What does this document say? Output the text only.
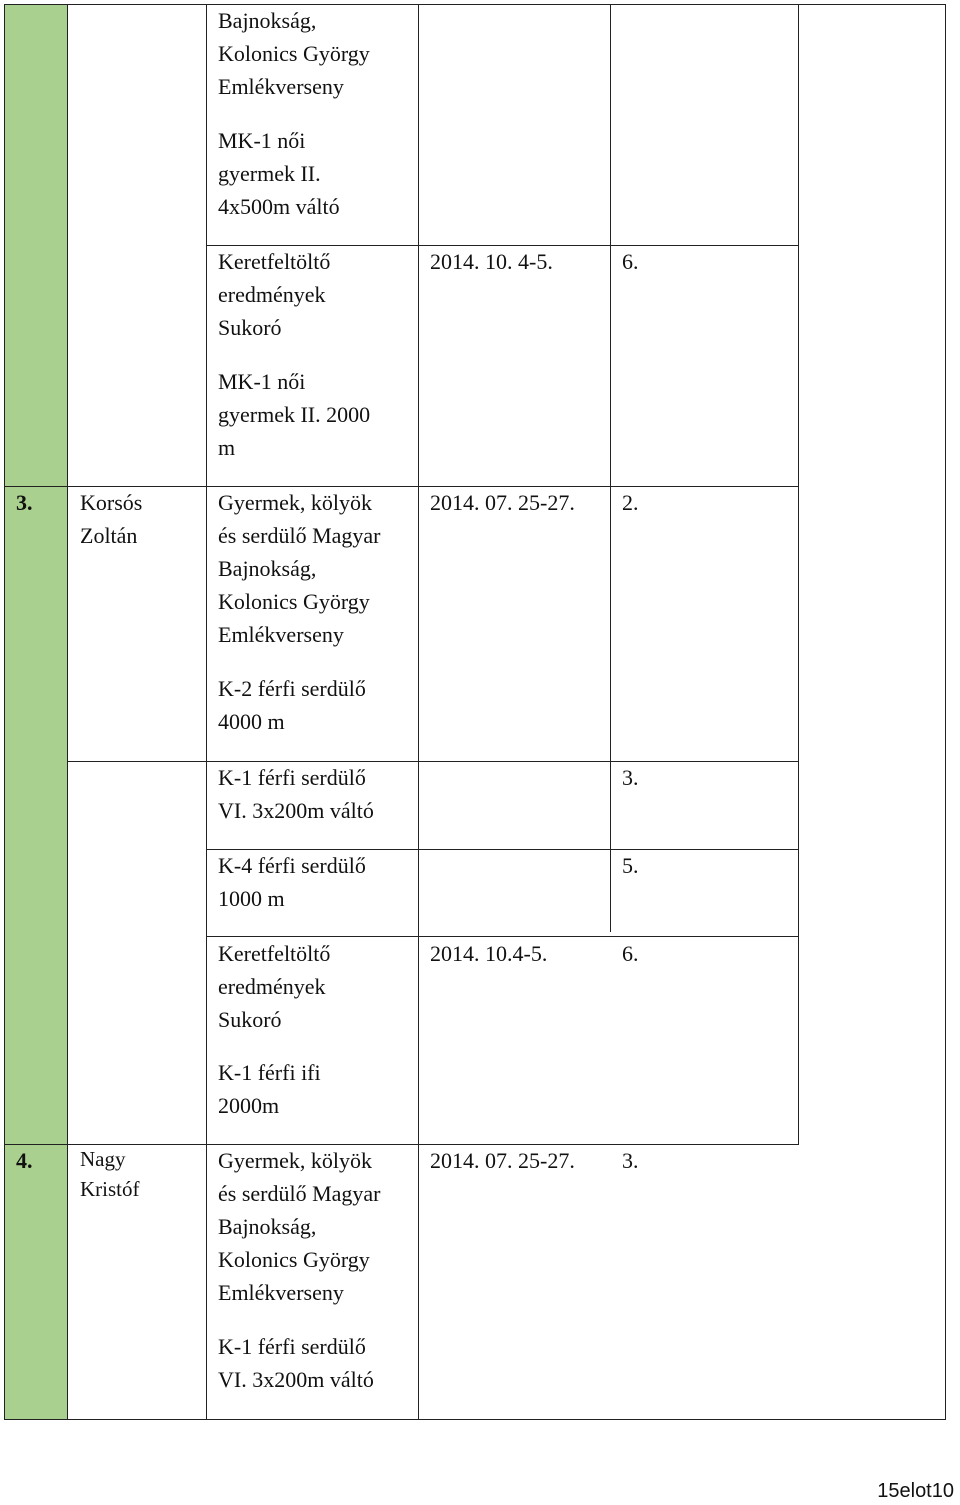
Bajnokság,
Kolonics György
Emlékverseny
MK-1 női
gyermek II.
4x500m váltó
Keretfeltöltő
eredmények
Sukoró
MK-1 női
gyermek II. 2000
m
2014. 10. 4-5.	6.
3. Korsós
Zoltán
Gyermek, kölyök
és serdülő Magyar
Bajnokság,
Kolonics György
Emlékverseny
K-2 férfi serdülő
4000 m
2014. 07. 25-27. 2.
K-1 férfi serdülő
VI. 3x200m váltó
3.
K-4 férfi serdülő
1000 m
5.
Keretfeltöltő
eredmények
Sukoró
K-1 férfi ifi
2000m
2014. 10.4-5.	6.
4. Nagy
Kristóf
Gyermek, kölyök
és serdülő Magyar
Bajnokság,
Kolonics György
Emlékverseny
K-1 férfi serdülő
VI. 3x200m váltó
2014. 07. 25-27. 3.
15elot10
